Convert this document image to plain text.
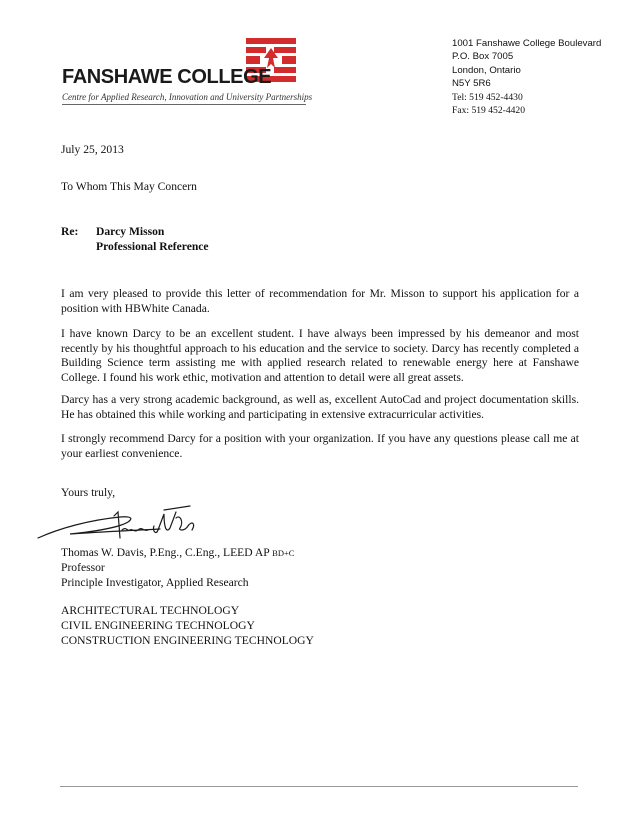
FANSHAWE COLLEGE
Centre for Applied Research, Innovation and University Partnerships
1001 Fanshawe College Boulevard
P.O. Box 7005
London, Ontario
N5Y 5R6
Tel: 519 452-4430
Fax: 519 452-4420
July 25, 2013
To Whom This May Concern
Re: Darcy Misson
Professional Reference
I am very pleased to provide this letter of recommendation for Mr. Misson to support his application for a position with HBWhite Canada.
I have known Darcy to be an excellent student. I have always been impressed by his demeanor and most recently by his thoughtful approach to his education and the service to society. Darcy has recently completed a Building Science term assisting me with applied research related to renewable energy here at Fanshawe College. I found his work ethic, motivation and attention to detail were all great assets.
Darcy has a very strong academic background, as well as, excellent AutoCad and project documentation skills. He has obtained this while working and participating in extensive extracurricular activities.
I strongly recommend Darcy for a position with your organization. If you have any questions please call me at your earliest convenience.
Yours truly,
Thomas W. Davis, P.Eng., C.Eng., LEED AP BD+C
Professor
Principle Investigator, Applied Research
ARCHITECTURAL TECHNOLOGY
CIVIL ENGINEERING TECHNOLOGY
CONSTRUCTION ENGINEERING TECHNOLOGY
